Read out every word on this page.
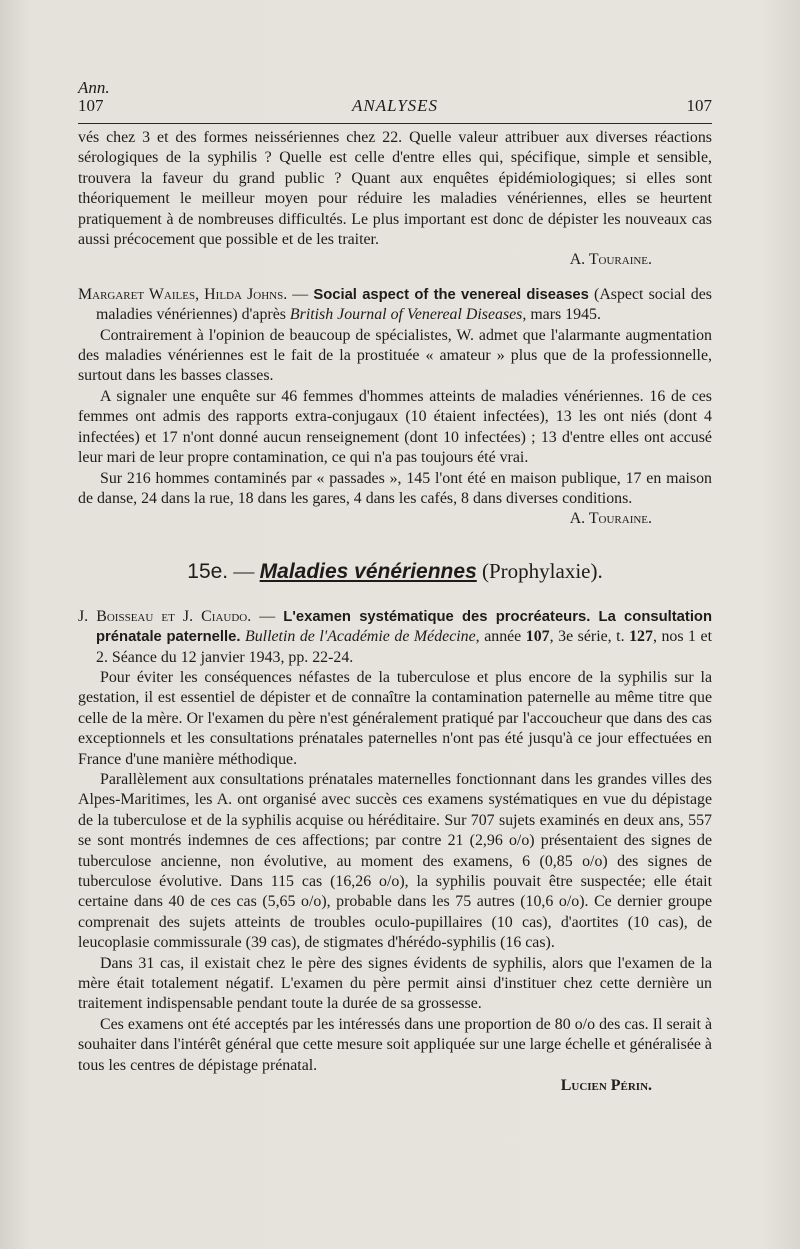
Ann.
107	ANALYSES	107

vés chez 3 et des formes neissériennes chez 22. Quelle valeur attribuer aux diverses réactions sérologiques de la syphilis ? Quelle est celle d'entre elles qui, spécifique, simple et sensible, trouvera la faveur du grand public ? Quant aux enquêtes épidémiologiques; si elles sont théoriquement le meilleur moyen pour réduire les maladies vénériennes, elles se heurtent pratiquement à de nombreuses difficultés. Le plus important est donc de dépister les nouveaux cas aussi précocement que possible et de les traiter.

A. Touraine.

Margaret Wailes, Hilda Johns. — Social aspect of the venereal diseases (Aspect social des maladies vénériennes) d'après British Journal of Venereal Diseases, mars 1945.

Contrairement à l'opinion de beaucoup de spécialistes, W. admet que l'alarmante augmentation des maladies vénériennes est le fait de la prostituée « amateur » plus que de la professionnelle, surtout dans les basses classes.

A signaler une enquête sur 46 femmes d'hommes atteints de maladies vénériennes. 16 de ces femmes ont admis des rapports extra-conjugaux (10 étaient infectées), 13 les ont niés (dont 4 infectées) et 17 n'ont donné aucun renseignement (dont 10 infectées) ; 13 d'entre elles ont accusé leur mari de leur propre contamination, ce qui n'a pas toujours été vrai.

Sur 216 hommes contaminés par « passades », 145 l'ont été en maison publique, 17 en maison de danse, 24 dans la rue, 18 dans les gares, 4 dans les cafés, 8 dans diverses conditions.

A. Touraine.

15e. — Maladies vénériennes (Prophylaxie).

J. Boisseau et J. Ciaudo. — L'examen systématique des procréateurs. La consultation prénatale paternelle. Bulletin de l'Académie de Médecine, année 107, 3e série, t. 127, nos 1 et 2. Séance du 12 janvier 1943, pp. 22-24.

Pour éviter les conséquences néfastes de la tuberculose et plus encore de la syphilis sur la gestation, il est essentiel de dépister et de connaître la contamination paternelle au même titre que celle de la mère. Or l'examen du père n'est généralement pratiqué par l'accoucheur que dans des cas exceptionnels et les consultations prénatales paternelles n'ont pas été jusqu'à ce jour effectuées en France d'une manière méthodique.

Parallèlement aux consultations prénatales maternelles fonctionnant dans les grandes villes des Alpes-Maritimes, les A. ont organisé avec succès ces examens systématiques en vue du dépistage de la tuberculose et de la syphilis acquise ou héréditaire. Sur 707 sujets examinés en deux ans, 557 se sont montrés indemnes de ces affections; par contre 21 (2,96 o/o) présentaient des signes de tuberculose ancienne, non évolutive, au moment des examens, 6 (0,85 o/o) des signes de tuberculose évolutive. Dans 115 cas (16,26 o/o), la syphilis pouvait être suspectée; elle était certaine dans 40 de ces cas (5,65 o/o), probable dans les 75 autres (10,6 o/o). Ce dernier groupe comprenait des sujets atteints de troubles oculo-pupillaires (10 cas), d'aortites (10 cas), de leucoplasie commissurale (39 cas), de stigmates d'hérédo-syphilis (16 cas).

Dans 31 cas, il existait chez le père des signes évidents de syphilis, alors que l'examen de la mère était totalement négatif. L'examen du père permit ainsi d'instituer chez cette dernière un traitement indispensable pendant toute la durée de sa grossesse.

Ces examens ont été acceptés par les intéressés dans une proportion de 80 o/o des cas. Il serait à souhaiter dans l'intérêt général que cette mesure soit appliquée sur une large échelle et généralisée à tous les centres de dépistage prénatal.

Lucien Périn.
